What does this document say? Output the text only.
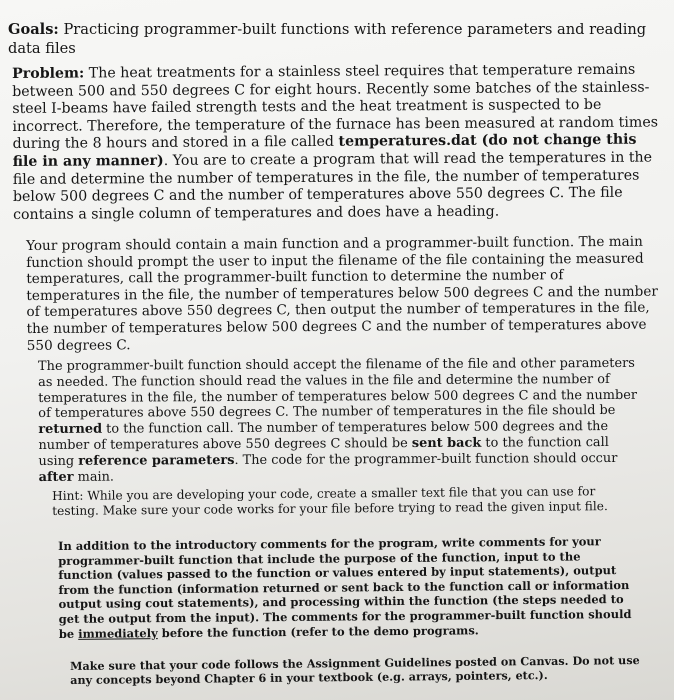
Goals: Practicing programmer-built functions with reference parameters and reading data files

Problem: The heat treatments for a stainless steel requires that temperature remains between 500 and 550 degrees C for eight hours. Recently some batches of the stainless-steel I-beams have failed strength tests and the heat treatment is suspected to be incorrect. Therefore, the temperature of the furnace has been measured at random times during the 8 hours and stored in a file called temperatures.dat (do not change this file in any manner). You are to create a program that will read the temperatures in the file and determine the number of temperatures in the file, the number of temperatures below 500 degrees C and the number of temperatures above 550 degrees C. The file contains a single column of temperatures and does have a heading.

Your program should contain a main function and a programmer-built function. The main function should prompt the user to input the filename of the file containing the measured temperatures, call the programmer-built function to determine the number of temperatures in the file, the number of temperatures below 500 degrees C and the number of temperatures above 550 degrees C, then output the number of temperatures in the file, the number of temperatures below 500 degrees C and the number of temperatures above 550 degrees C.

The programmer-built function should accept the filename of the file and other parameters as needed. The function should read the values in the file and determine the number of temperatures in the file, the number of temperatures below 500 degrees C and the number of temperatures above 550 degrees C. The number of temperatures in the file should be returned to the function call. The number of temperatures below 500 degrees and the number of temperatures above 550 degrees C should be sent back to the function call using reference parameters. The code for the programmer-built function should occur after main.

Hint: While you are developing your code, create a smaller text file that you can use for testing. Make sure your code works for your file before trying to read the given input file.

In addition to the introductory comments for the program, write comments for your programmer-built function that include the purpose of the function, input to the function (values passed to the function or values entered by input statements), output from the function (information returned or sent back to the function call or information output using cout statements), and processing within the function (the steps needed to get the output from the input). The comments for the programmer-built function should be immediately before the function (refer to the demo programs.

Make sure that your code follows the Assignment Guidelines posted on Canvas. Do not use any concepts beyond Chapter 6 in your textbook (e.g. arrays, pointers, etc.).
